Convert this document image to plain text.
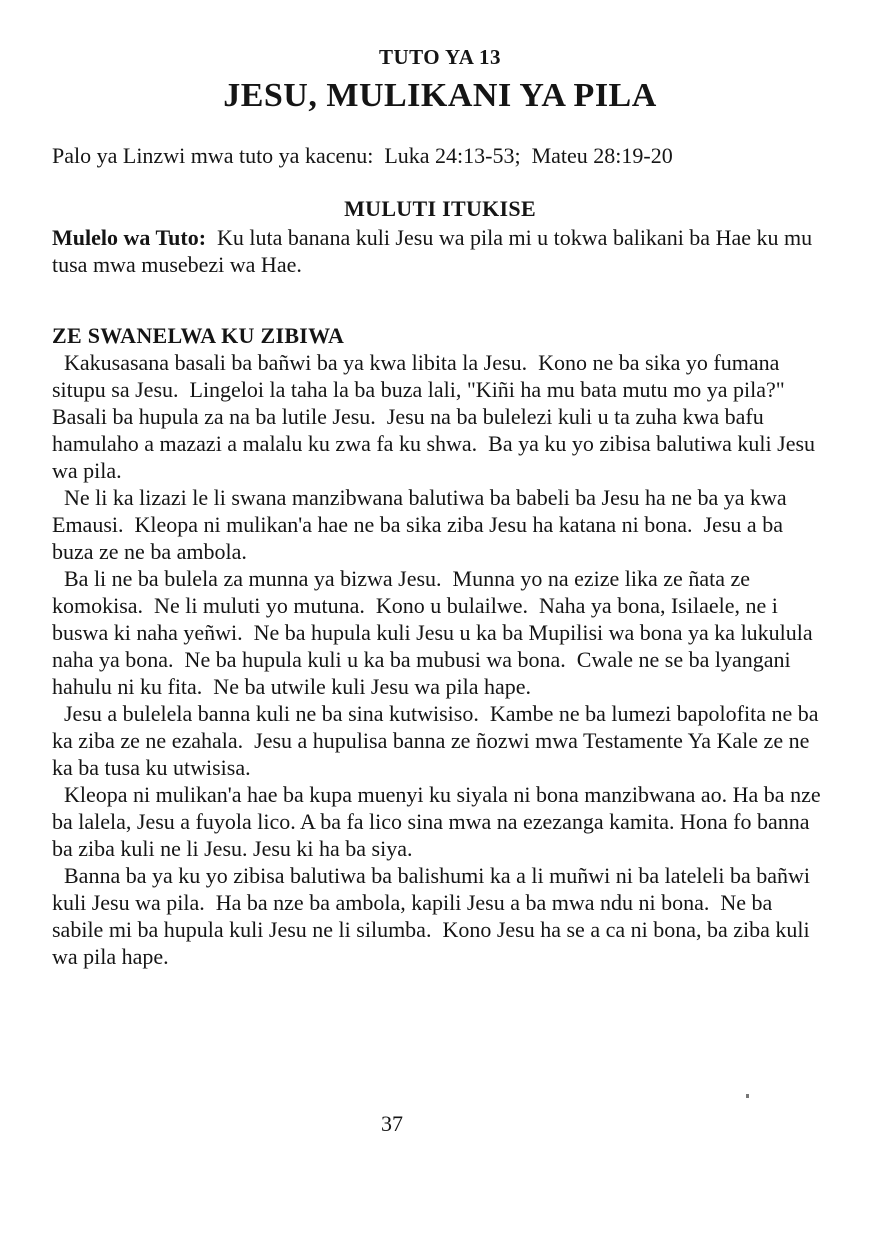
TUTO YA 13
JESU, MULIKANI YA PILA
Palo ya Linzwi mwa tuto ya kacenu:  Luka 24:13-53;  Mateu 28:19-20
MULUTI ITUKISE

Mulelo wa Tuto:  Ku luta banana kuli Jesu wa pila mi u tokwa balikani ba Hae ku mu tusa mwa musebezi wa Hae.

ZE SWANELWA KU ZIBIWA

Kakusasana basali ba bañwi ba ya kwa libita la Jesu.  Kono ne ba sika yo fumana situpu sa Jesu.  Lingeloi la taha la ba buza lali, "Kiñi ha mu bata mutu mo ya pila?"  Basali ba hupula za na ba lutile Jesu.  Jesu na ba bulelezi kuli u ta zuha kwa bafu hamulaho a mazazi a malalu ku zwa fa ku shwa.  Ba ya ku yo zibisa balutiwa kuli Jesu wa pila.

Ne li ka lizazi le li swana manzibwana balutiwa ba babeli ba Jesu ha ne ba ya kwa Emausi.  Kleopa ni mulikan'a hae ne ba sika ziba Jesu ha katana ni bona.  Jesu a ba buza ze ne ba ambola.

Ba li ne ba bulela za munna ya bizwa Jesu.  Munna yo na ezize lika ze ñata ze komokisa.  Ne li muluti yo mutuna.  Kono u bulailwe.  Naha ya bona, Isilaele, ne i buswa ki naha yeñwi.  Ne ba hupula kuli Jesu u ka ba Mupilisi wa bona ya ka lukulula naha ya bona.  Ne ba hupula kuli u ka ba mubusi wa bona.  Cwale ne se ba lyangani hahulu ni ku fita.  Ne ba utwile kuli Jesu wa pila hape.

Jesu a bulelela banna kuli ne ba sina kutwisiso.  Kambe ne ba lumezi bapolofita ne ba ka ziba ze ne ezahala.  Jesu a hupulisa banna ze ñozwi mwa Testamente Ya Kale ze ne ka ba tusa ku utwisisa.

Kleopa ni mulikan'a hae ba kupa muenyi ku siyala ni bona manzibwana ao. Ha ba nze ba lalela, Jesu a fuyola lico. A ba fa lico sina mwa na ezezanga kamita. Hona fo banna ba ziba kuli ne li Jesu. Jesu ki ha ba siya.

Banna ba ya ku yo zibisa balutiwa ba balishumi ka a li muñwi ni ba lateleli ba bañwi kuli Jesu wa pila.  Ha ba nze ba ambola, kapili Jesu a ba mwa ndu ni bona.  Ne ba sabile mi ba hupula kuli Jesu ne li silumba.  Kono Jesu ha se a ca ni bona, ba ziba kuli wa pila hape.

37
